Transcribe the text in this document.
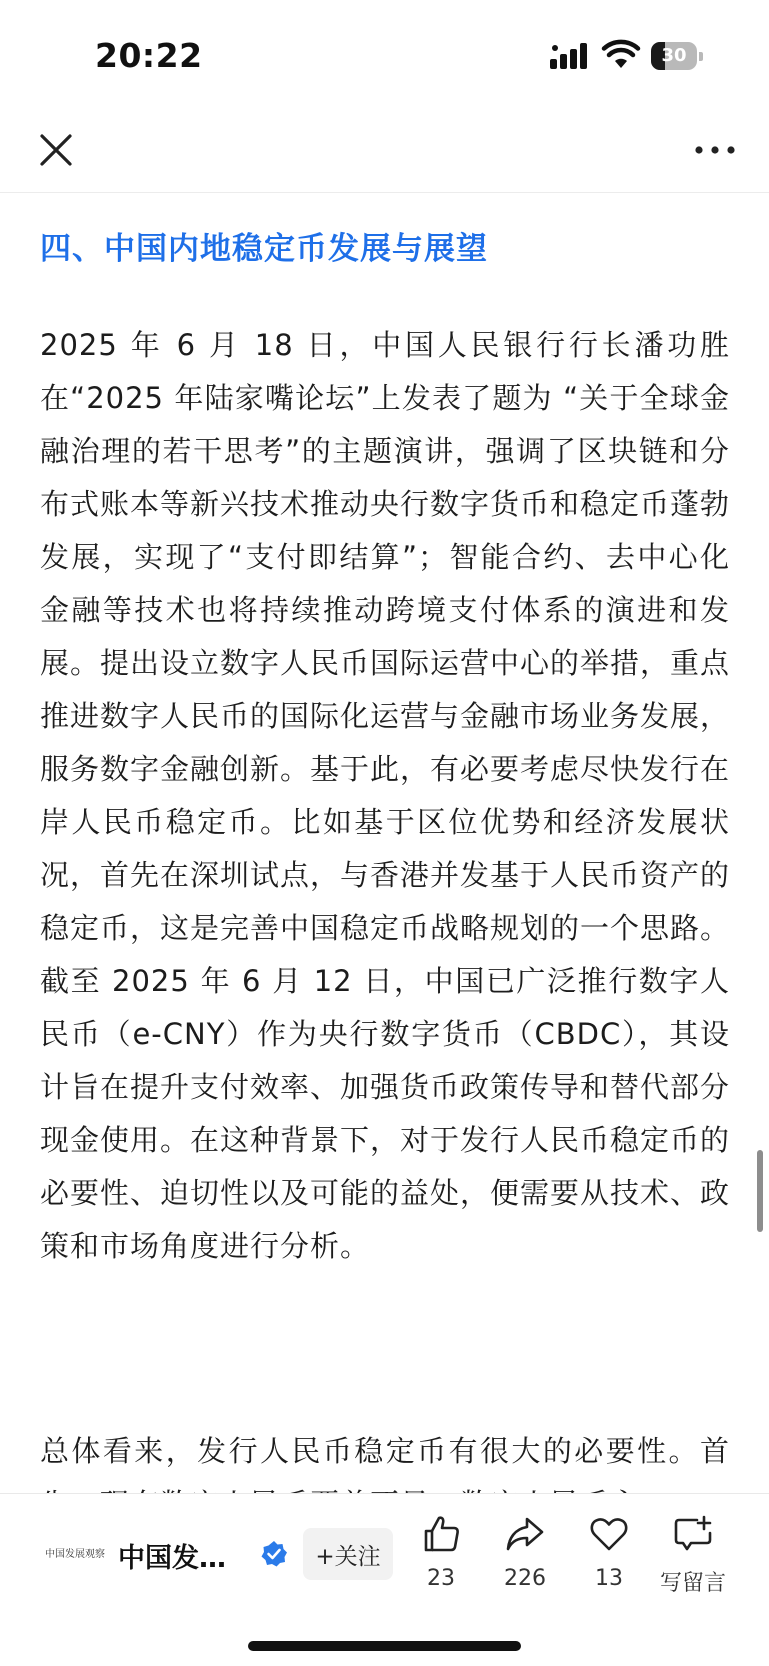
20:22	30
四、中国内地稳定币发展与展望
2025 年 6 月 18 日，中国人民银行行长潘功胜在“2025 年陆家嘴论坛”上发表了题为 “关于全球金融治理的若干思考”的主题演讲，强调了区块链和分布式账本等新兴技术推动央行数字货币和稳定币蓬勃发展，实现了“支付即结算”；智能合约、去中心化金融等技术也将持续推动跨境支付体系的演进和发展。提出设立数字人民币国际运营中心的举措，重点推进数字人民币的国际化运营与金融市场业务发展，服务数字金融创新。基于此，有必要考虑尽快发行在岸人民币稳定币。比如基于区位优势和经济发展状况，首先在深圳试点，与香港并发基于人民币资产的稳定币，这是完善中国稳定币战略规划的一个思路。截至 2025 年 6 月 12 日，中国已广泛推行数字人民币（e-CNY）作为央行数字货币（CBDC），其设计旨在提升支付效率、加强货币政策传导和替代部分现金使用。在这种背景下，对于发行人民币稳定币的必要性、迫切性以及可能的益处，便需要从技术、政策和市场角度进行分析。
总体看来，发行人民币稳定币有很大的必要性。首
中国发展观察 中国发…	+关注
23	226	13	写留言
